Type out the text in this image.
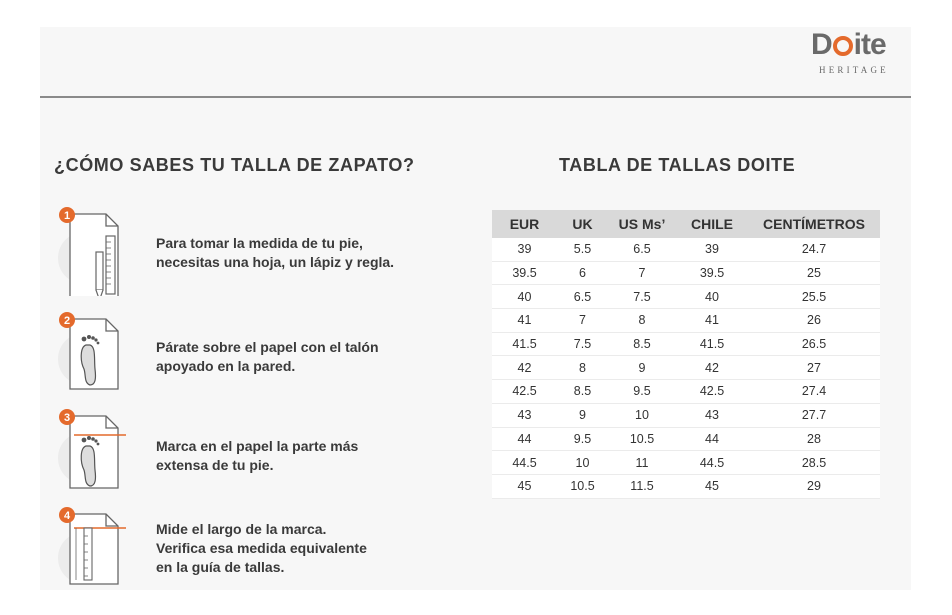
D ite
HERITAGE
¿CÓMO SABES TU TALLA DE ZAPATO?	TABLA DE TALLAS DOITE
1
Para tomar la medida de tu pie,
necesitas una hoja, un lápiz y regla.
2
Párate sobre el papel con el talón
apoyado en la pared.
3
Marca en el papel la parte más
extensa de tu pie.
4
Mide el largo de la marca.
Verifica esa medida equivalente
en la guía de tallas.
EUR	UK	US Ms’	CHILE	CENTÍMETROS
39	5.5	6.5	39	24.7
39.5	6	7	39.5	25
40	6.5	7.5	40	25.5
41	7	8	41	26
41.5	7.5	8.5	41.5	26.5
42	8	9	42	27
42.5	8.5	9.5	42.5	27.4
43	9	10	43	27.7
44	9.5	10.5	44	28
44.5	10	11	44.5	28.5
45	10.5	11.5	45	29
